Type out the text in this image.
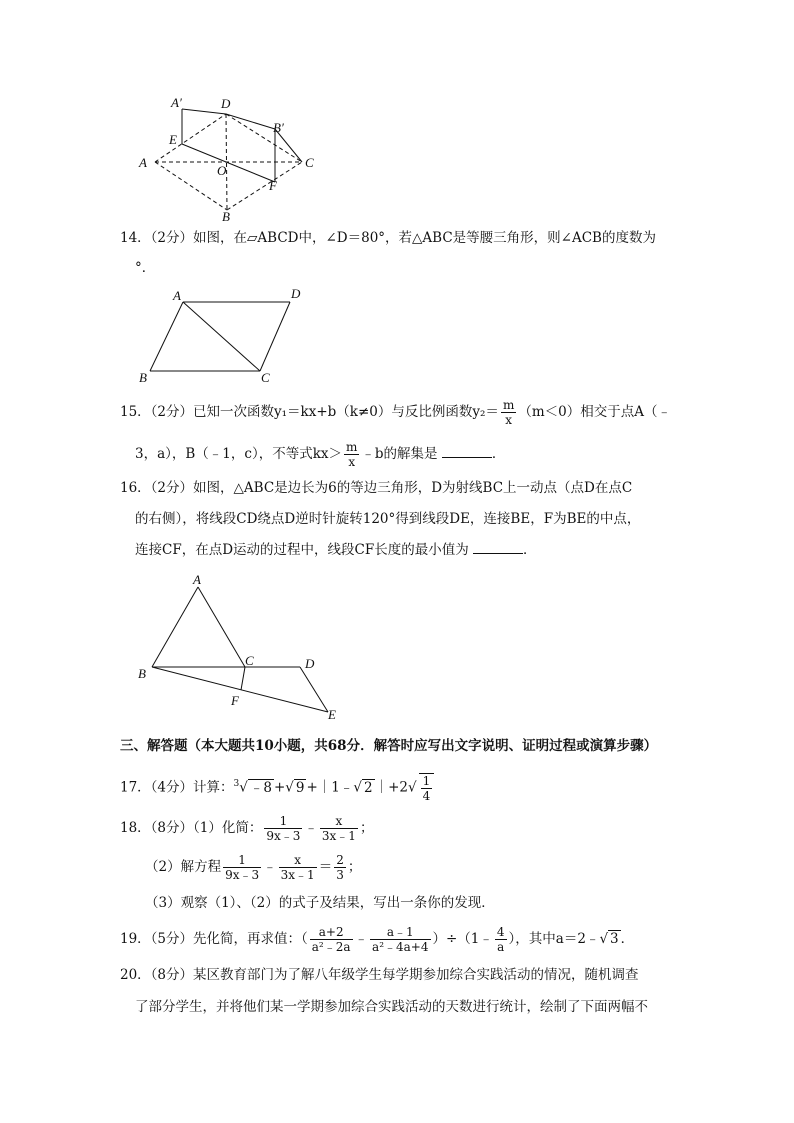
A′	D
B′
E
A
O
C
F
B
14．（2分）如图，在▱ABCD中，∠D＝80°，若△ABC是等腰三角形，则∠ACB的度数为
°．
A	D
B	C
15．（2分）已知一次函数y₁＝kx+b（k≠0）与反比例函数$y_2= \frac{m}{x} (m<0)$相交于点A（﹣
3，a），B（﹣1，c），不等式$kx> \frac{m}{x}$ ﹣b的解集是	．
16．（2分）如图，△ABC是边长为6的等边三角形，D为射线BC上一动点（点D在点C
的右侧），将线段CD绕点D逆时针旋转120°得到线段DE，连接BE，F为BE的中点，
连接CF，在点D运动的过程中，线段CF长度的最小值为	．
A
B
C	D
F
E
三、解答题（本大题共10小题，共68分．解答时应写出文字说明、证明过程或演算步骤）
17．（4分）计算：$^3$√ ﹣8 +√ 9 +｜1﹣√ 2 ｜+2√ $\frac{1}{4}$
18．（8分）（1）化简： $\frac{1}{9x﹣3}$ ﹣ $\frac{x}{3x﹣1}$ ；
（2）解方程 $\frac{1}{9x﹣3}$ ﹣ $\frac{x}{3x﹣1} = \frac{2}{3}$ ；
（3）观察（1）、（2）的式子及结果，写出一条你的发现．
19．（5分）先化简，再求值：（ $\frac{a+2}{\text{a²﹣2a}}$ ﹣ $\frac{a﹣1}{\text{a²﹣4a+4}}$ ）÷（1﹣ $\frac{4}{a}$ ），其中a＝2﹣√ 3 ．
20．（8分）某区教育部门为了解八年级学生每学期参加综合实践活动的情况，随机调查
了部分学生，并将他们某一学期参加综合实践活动的天数进行统计，绘制了下面两幅不
